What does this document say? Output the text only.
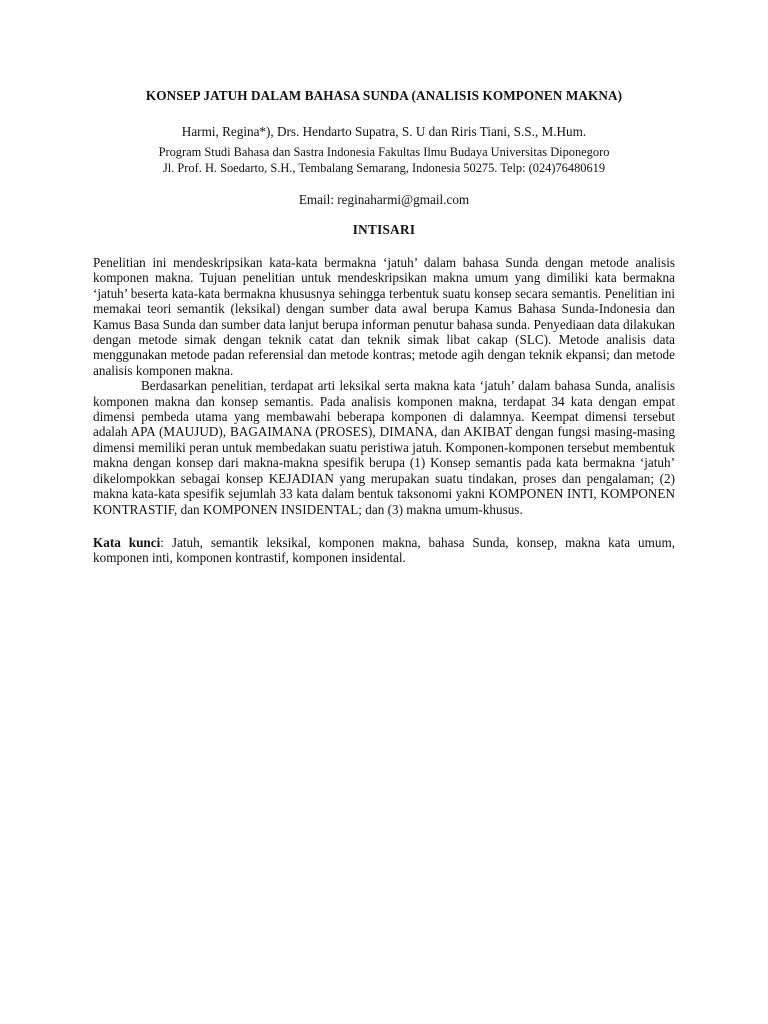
KONSEP JATUH DALAM BAHASA SUNDA (ANALISIS KOMPONEN MAKNA)

Harmi, Regina*), Drs. Hendarto Supatra, S. U dan Riris Tiani, S.S., M.Hum.

Program Studi Bahasa dan Sastra Indonesia Fakultas Ilmu Budaya Universitas Diponegoro

Jl. Prof. H. Soedarto, S.H., Tembalang Semarang, Indonesia 50275. Telp: (024)76480619

Email: reginaharmi@gmail.com

INTISARI

Penelitian ini mendeskripsikan kata-kata bermakna ‘jatuh’ dalam bahasa Sunda dengan metode analisis komponen makna. Tujuan penelitian untuk mendeskripsikan makna umum yang dimiliki kata bermakna ‘jatuh’ beserta kata-kata bermakna khususnya sehingga terbentuk suatu konsep secara semantis. Penelitian ini memakai teori semantik (leksikal) dengan sumber data awal berupa Kamus Bahasa Sunda-Indonesia dan Kamus Basa Sunda dan sumber data lanjut berupa informan penutur bahasa sunda. Penyediaan data dilakukan dengan metode simak dengan teknik catat dan teknik simak libat cakap (SLC). Metode analisis data menggunakan metode padan referensial dan metode kontras; metode agih dengan teknik ekpansi; dan metode analisis komponen makna.

Berdasarkan penelitian, terdapat arti leksikal serta makna kata ‘jatuh’ dalam bahasa Sunda, analisis komponen makna dan konsep semantis. Pada analisis komponen makna, terdapat 34 kata dengan empat dimensi pembeda utama yang membawahi beberapa komponen di dalamnya. Keempat dimensi tersebut adalah APA (MAUJUD), BAGAIMANA (PROSES), DIMANA, dan AKIBAT dengan fungsi masing-masing dimensi memiliki peran untuk membedakan suatu peristiwa jatuh. Komponen-komponen tersebut membentuk makna dengan konsep dari makna-makna spesifik berupa (1) Konsep semantis pada kata bermakna ‘jatuh’ dikelompokkan sebagai konsep KEJADIAN yang merupakan suatu tindakan, proses dan pengalaman; (2) makna kata-kata spesifik sejumlah 33 kata dalam bentuk taksonomi yakni KOMPONEN INTI, KOMPONEN KONTRASTIF, dan KOMPONEN INSIDENTAL; dan (3) makna umum-khusus.

Kata kunci: Jatuh, semantik leksikal, komponen makna, bahasa Sunda, konsep, makna kata umum, komponen inti, komponen kontrastif, komponen insidental.
